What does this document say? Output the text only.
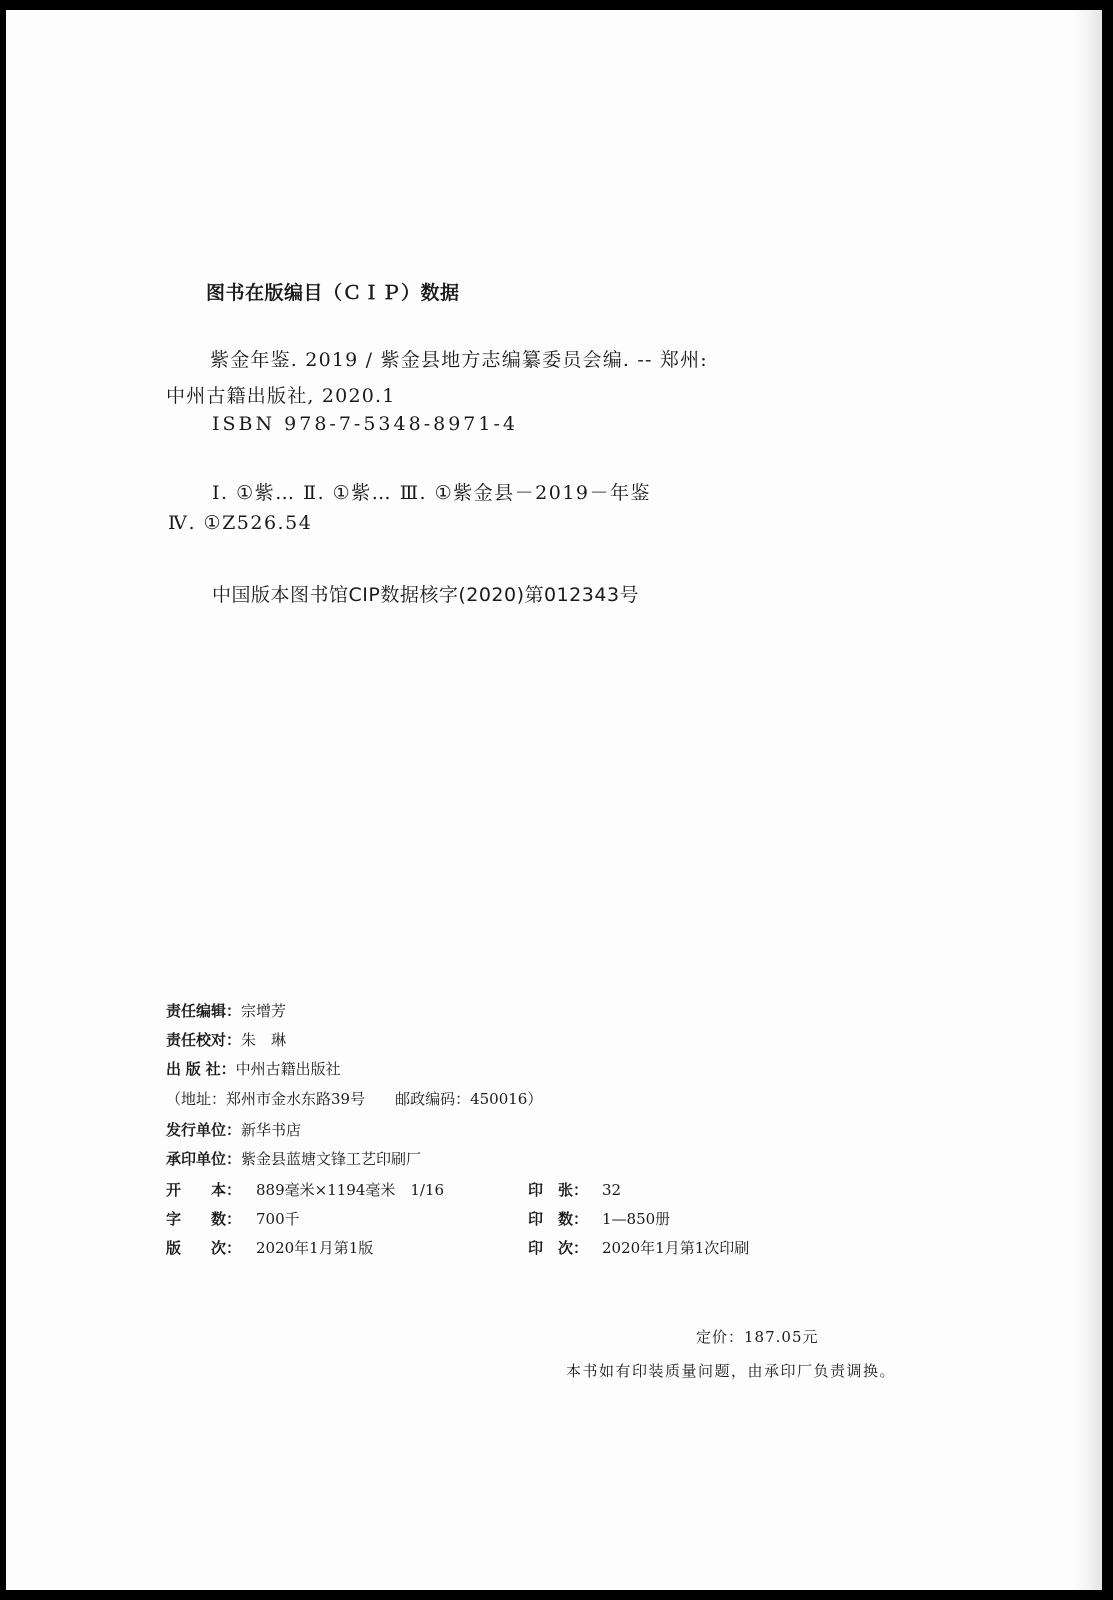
图书在版编目（ＣＩＰ）数据
紫金年鉴. 2019 / 紫金县地方志编纂委员会编. -- 郑州:
中州古籍出版社, 2020.1
ISBN 978-7-5348-8971-4
Ⅰ. ①紫… Ⅱ. ①紫… Ⅲ. ①紫金县－2019－年鉴
Ⅳ. ①Z526.54
中国版本图书馆CIP数据核字(2020)第012343号
责任编辑：宗增芳
责任校对：朱　琳
出 版 社：中州古籍出版社
（地址：郑州市金水东路39号　　邮政编码：450016）
发行单位：新华书店
承印单位：紫金县蓝塘文锋工艺印刷厂
开 本： 889毫米×1194毫米　1/16
字 数： 700千
版 次： 2020年1月第1版
印 张： 32
印 数： 1—850册
印 次： 2020年1月第1次印刷
定价：187.05元
本书如有印装质量问题，由承印厂负责调换。
